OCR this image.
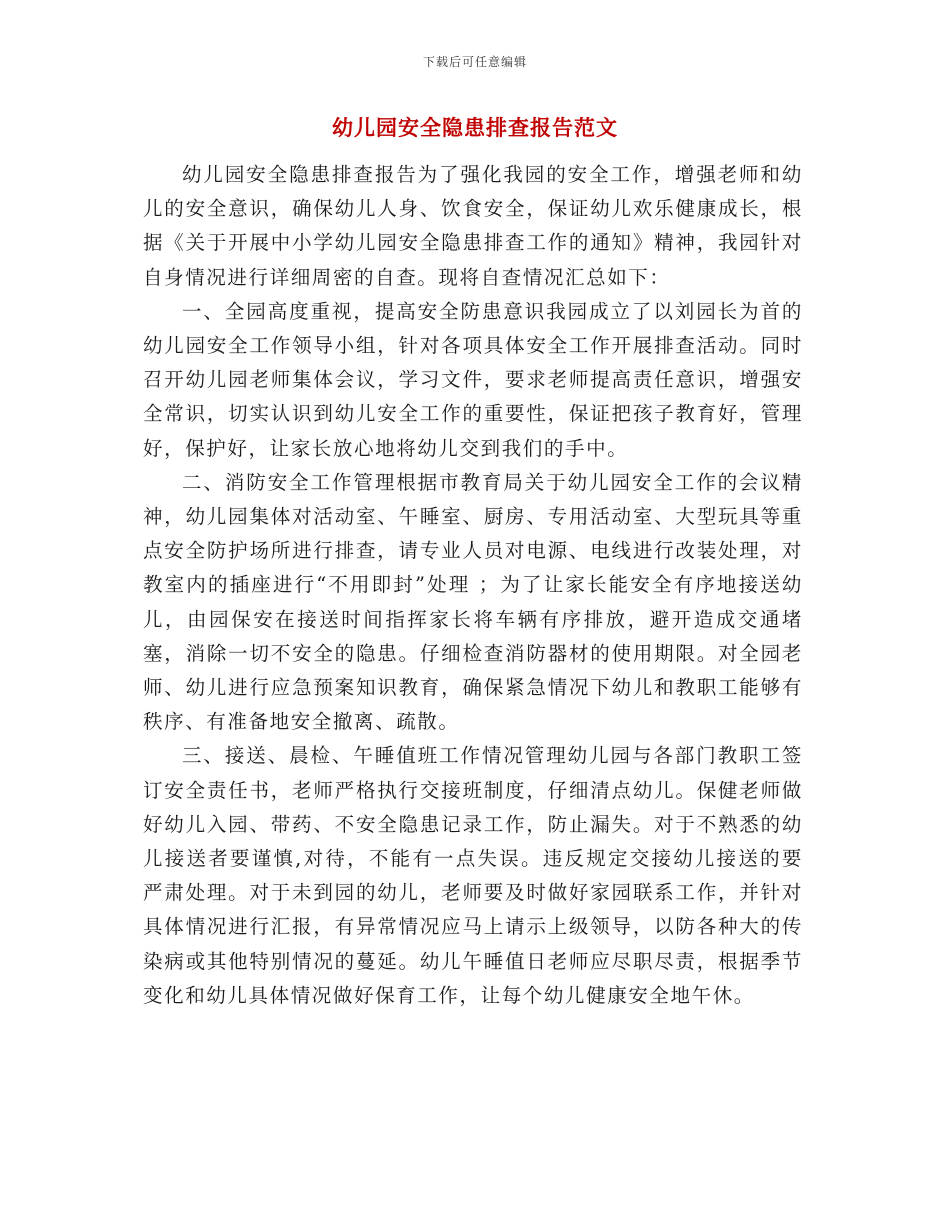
下载后可任意编辑
幼儿园安全隐患排查报告范文

幼儿园安全隐患排查报告为了强化我园的安全工作，增强老师和幼儿的安全意识，确保幼儿人身、饮食安全，保证幼儿欢乐健康成长，根据《关于开展中小学幼儿园安全隐患排查工作的通知》精神，我园针对自身情况进行详细周密的自查。现将自查情况汇总如下：

一、全园高度重视，提高安全防患意识我园成立了以刘园长为首的幼儿园安全工作领导小组，针对各项具体安全工作开展排查活动。同时召开幼儿园老师集体会议，学习文件，要求老师提高责任意识，增强安全常识，切实认识到幼儿安全工作的重要性，保证把孩子教育好，管理好，保护好，让家长放心地将幼儿交到我们的手中。

二、消防安全工作管理根据市教育局关于幼儿园安全工作的会议精神，幼儿园集体对活动室、午睡室、厨房、专用活动室、大型玩具等重点安全防护场所进行排查，请专业人员对电源、电线进行改装处理，对教室内的插座进行“不用即封”处理 ；为了让家长能安全有序地接送幼儿，由园保安在接送时间指挥家长将车辆有序排放，避开造成交通堵塞，消除一切不安全的隐患。仔细检查消防器材的使用期限。对全园老师、幼儿进行应急预案知识教育，确保紧急情况下幼儿和教职工能够有秩序、有准备地安全撤离、疏散。

三、接送、晨检、午睡值班工作情况管理幼儿园与各部门教职工签订安全责任书，老师严格执行交接班制度，仔细清点幼儿。保健老师做好幼儿入园、带药、不安全隐患记录工作，防止漏失。对于不熟悉的幼儿接送者要谨慎,对待，不能有一点失误。违反规定交接幼儿接送的要严肃处理。对于未到园的幼儿，老师要及时做好家园联系工作，并针对具体情况进行汇报，有异常情况应马上请示上级领导，以防各种大的传染病或其他特别情况的蔓延。幼儿午睡值日老师应尽职尽责，根据季节变化和幼儿具体情况做好保育工作，让每个幼儿健康安全地午休。
